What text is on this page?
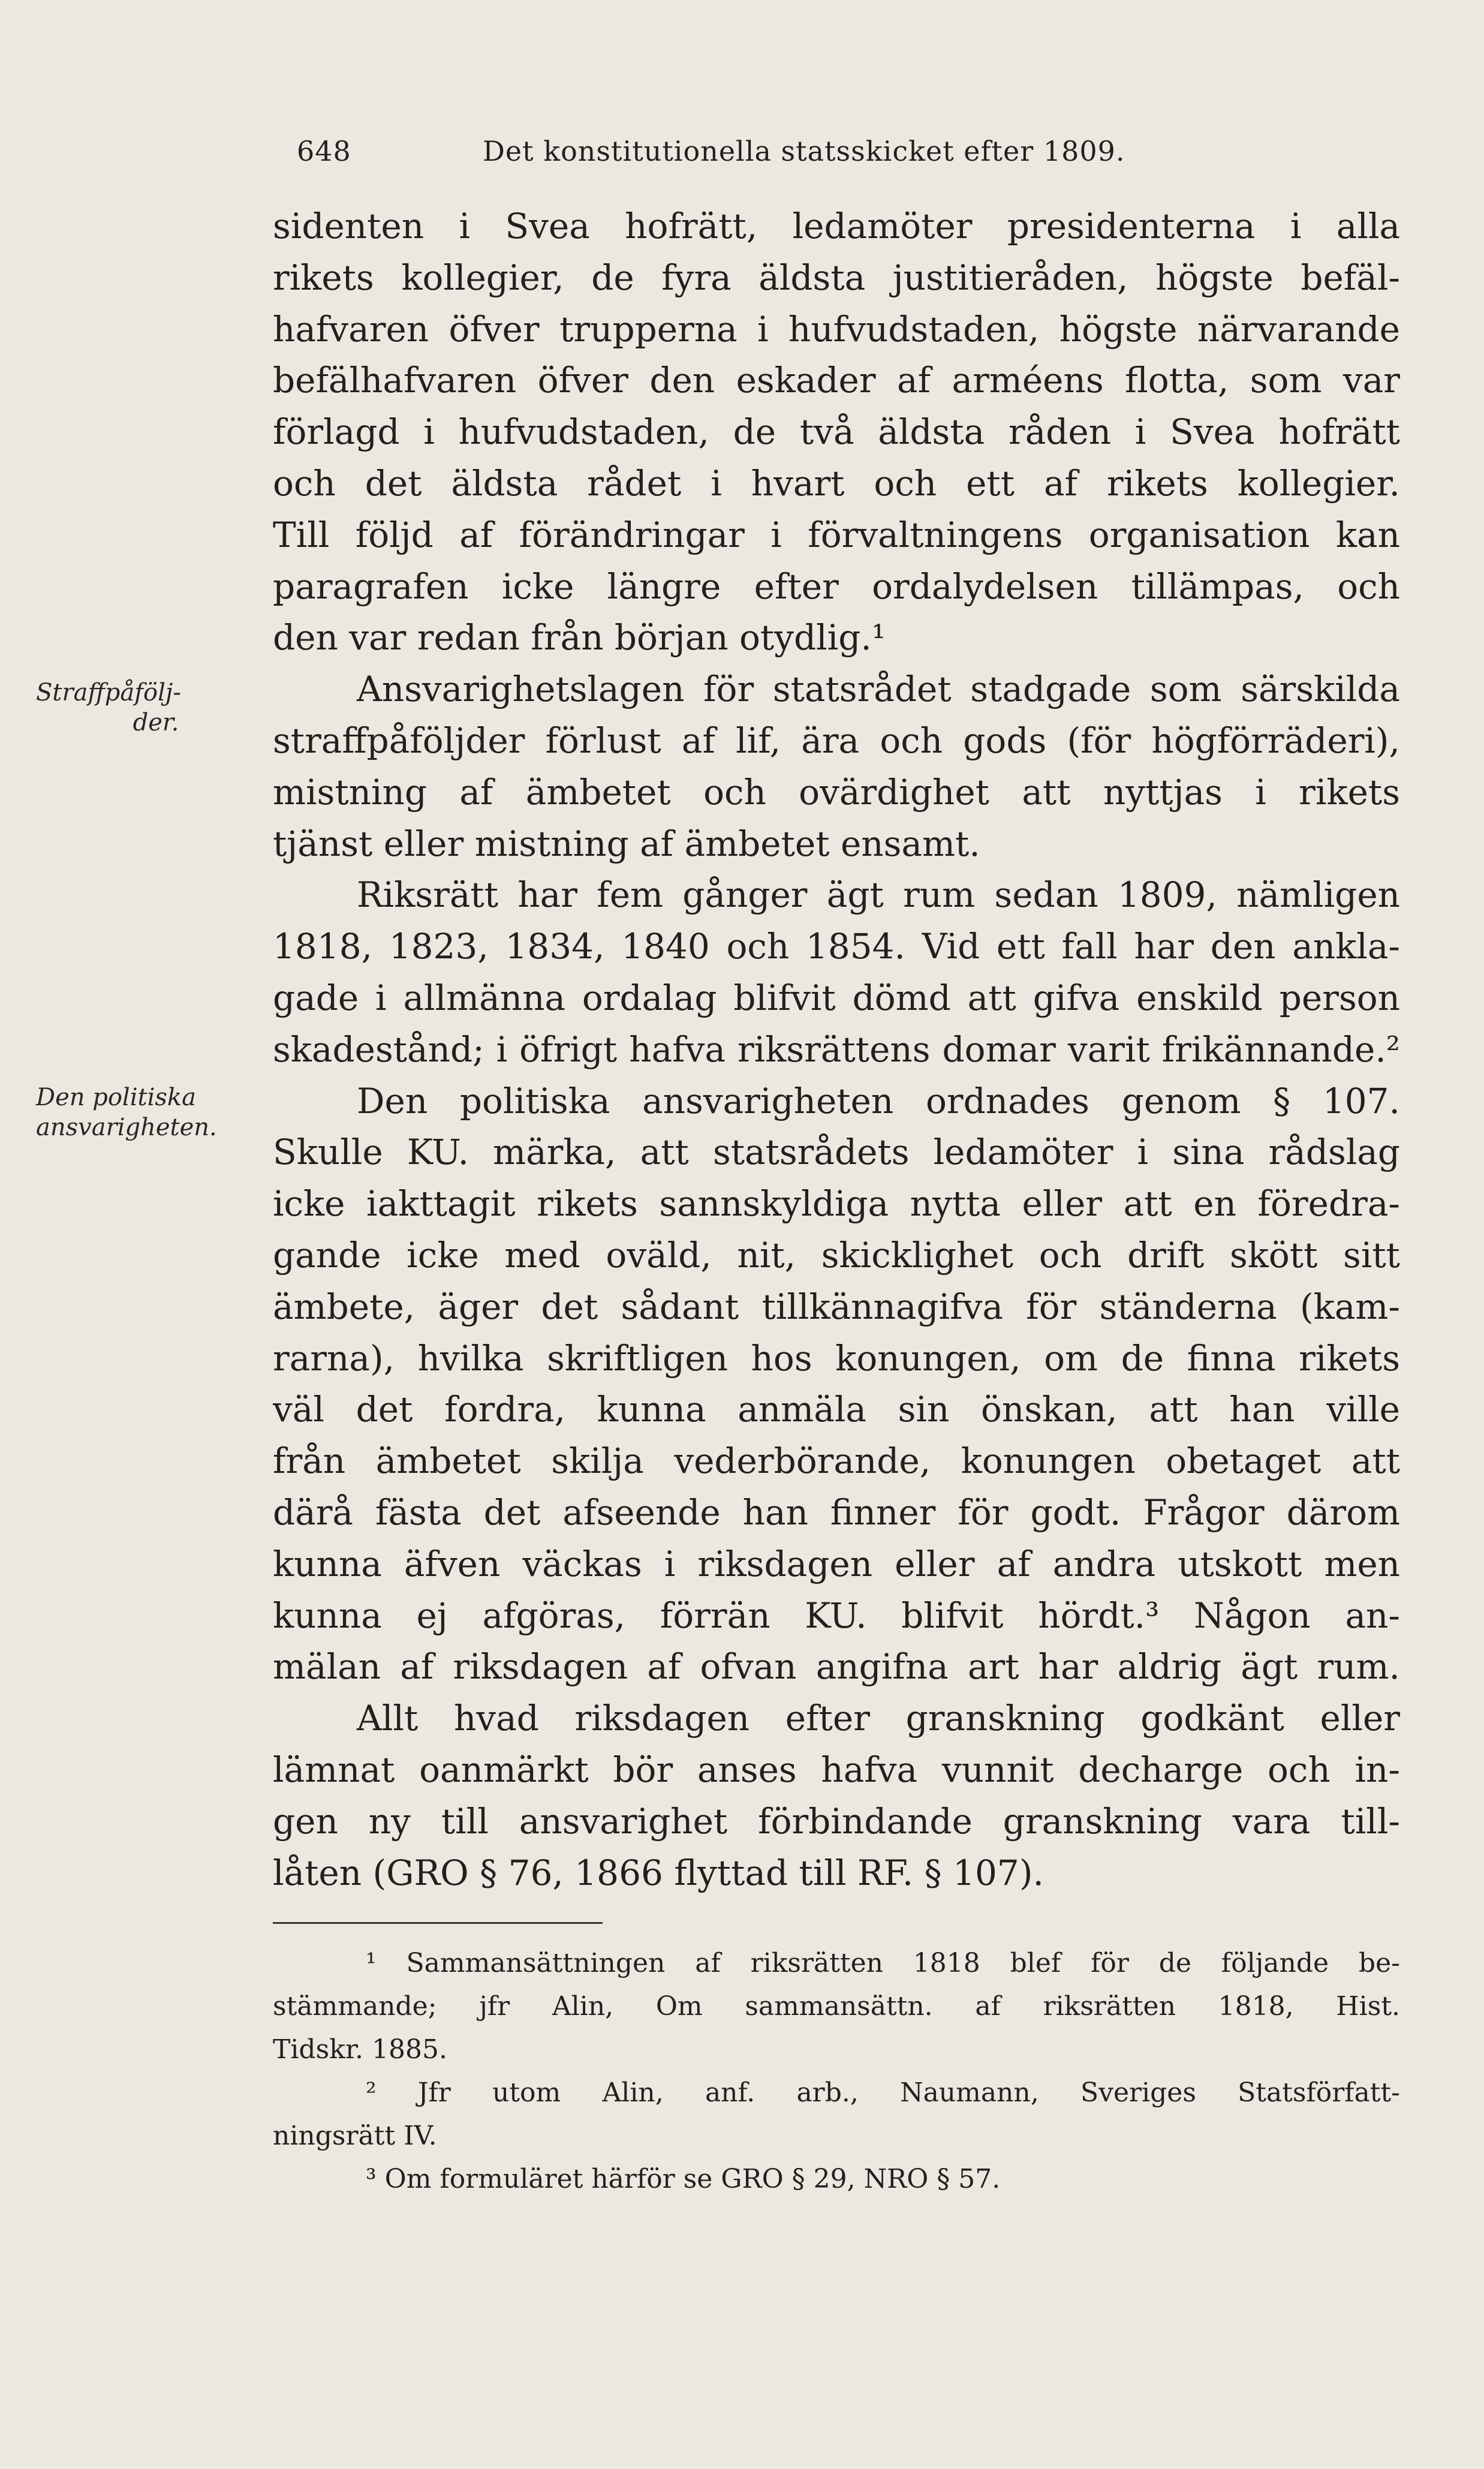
648	Det konstitutionella statsskicket efter 1809.
Straffpåfölj-
der.
Den politiska
ansvarigheten.
sidenten i Svea hofrätt, ledamöter presidenterna i alla
rikets kollegier, de fyra äldsta justitieråden, högste befäl-
hafvaren öfver trupperna i hufvudstaden, högste närvarande
befälhafvaren öfver den eskader af arméens flotta, som var
förlagd i hufvudstaden, de två äldsta råden i Svea hofrätt
och det äldsta rådet i hvart och ett af rikets kollegier.
Till följd af förändringar i förvaltningens organisation kan
paragrafen icke längre efter ordalydelsen tillämpas, och
den var redan från början otydlig.¹
Ansvarighetslagen för statsrådet stadgade som särskilda
straffpåföljder förlust af lif, ära och gods (för högförräderi),
mistning af ämbetet och ovärdighet att nyttjas i rikets
tjänst eller mistning af ämbetet ensamt.
Riksrätt har fem gånger ägt rum sedan 1809, nämligen
1818, 1823, 1834, 1840 och 1854. Vid ett fall har den ankla-
gade i allmänna ordalag blifvit dömd att gifva enskild person
skadestånd; i öfrigt hafva riksrättens domar varit frikännande.²
Den politiska ansvarigheten ordnades genom § 107.
Skulle KU. märka, att statsrådets ledamöter i sina rådslag
icke iakttagit rikets sannskyldiga nytta eller att en föredra-
gande icke med oväld, nit, skicklighet och drift skött sitt
ämbete, äger det sådant tillkännagifva för ständerna (kam-
rarna), hvilka skriftligen hos konungen, om de finna rikets
väl det fordra, kunna anmäla sin önskan, att han ville
från ämbetet skilja vederbörande, konungen obetaget att
därå fästa det afseende han finner för godt. Frågor därom
kunna äfven väckas i riksdagen eller af andra utskott men
kunna ej afgöras, förrän KU. blifvit hördt.³ Någon an-
mälan af riksdagen af ofvan angifna art har aldrig ägt rum.
Allt hvad riksdagen efter granskning godkänt eller
lämnat oanmärkt bör anses hafva vunnit decharge och in-
gen ny till ansvarighet förbindande granskning vara till-
låten (GRO § 76, 1866 flyttad till RF. § 107).
¹ Sammansättningen af riksrätten 1818 blef för de följande be-
stämmande; jfr Alin, Om sammansättn. af riksrätten 1818, Hist.
Tidskr. 1885.
² Jfr utom Alin, anf. arb., Naumann, Sveriges Statsförfatt-
ningsrätt IV.
³ Om formuläret härför se GRO § 29, NRO § 57.
